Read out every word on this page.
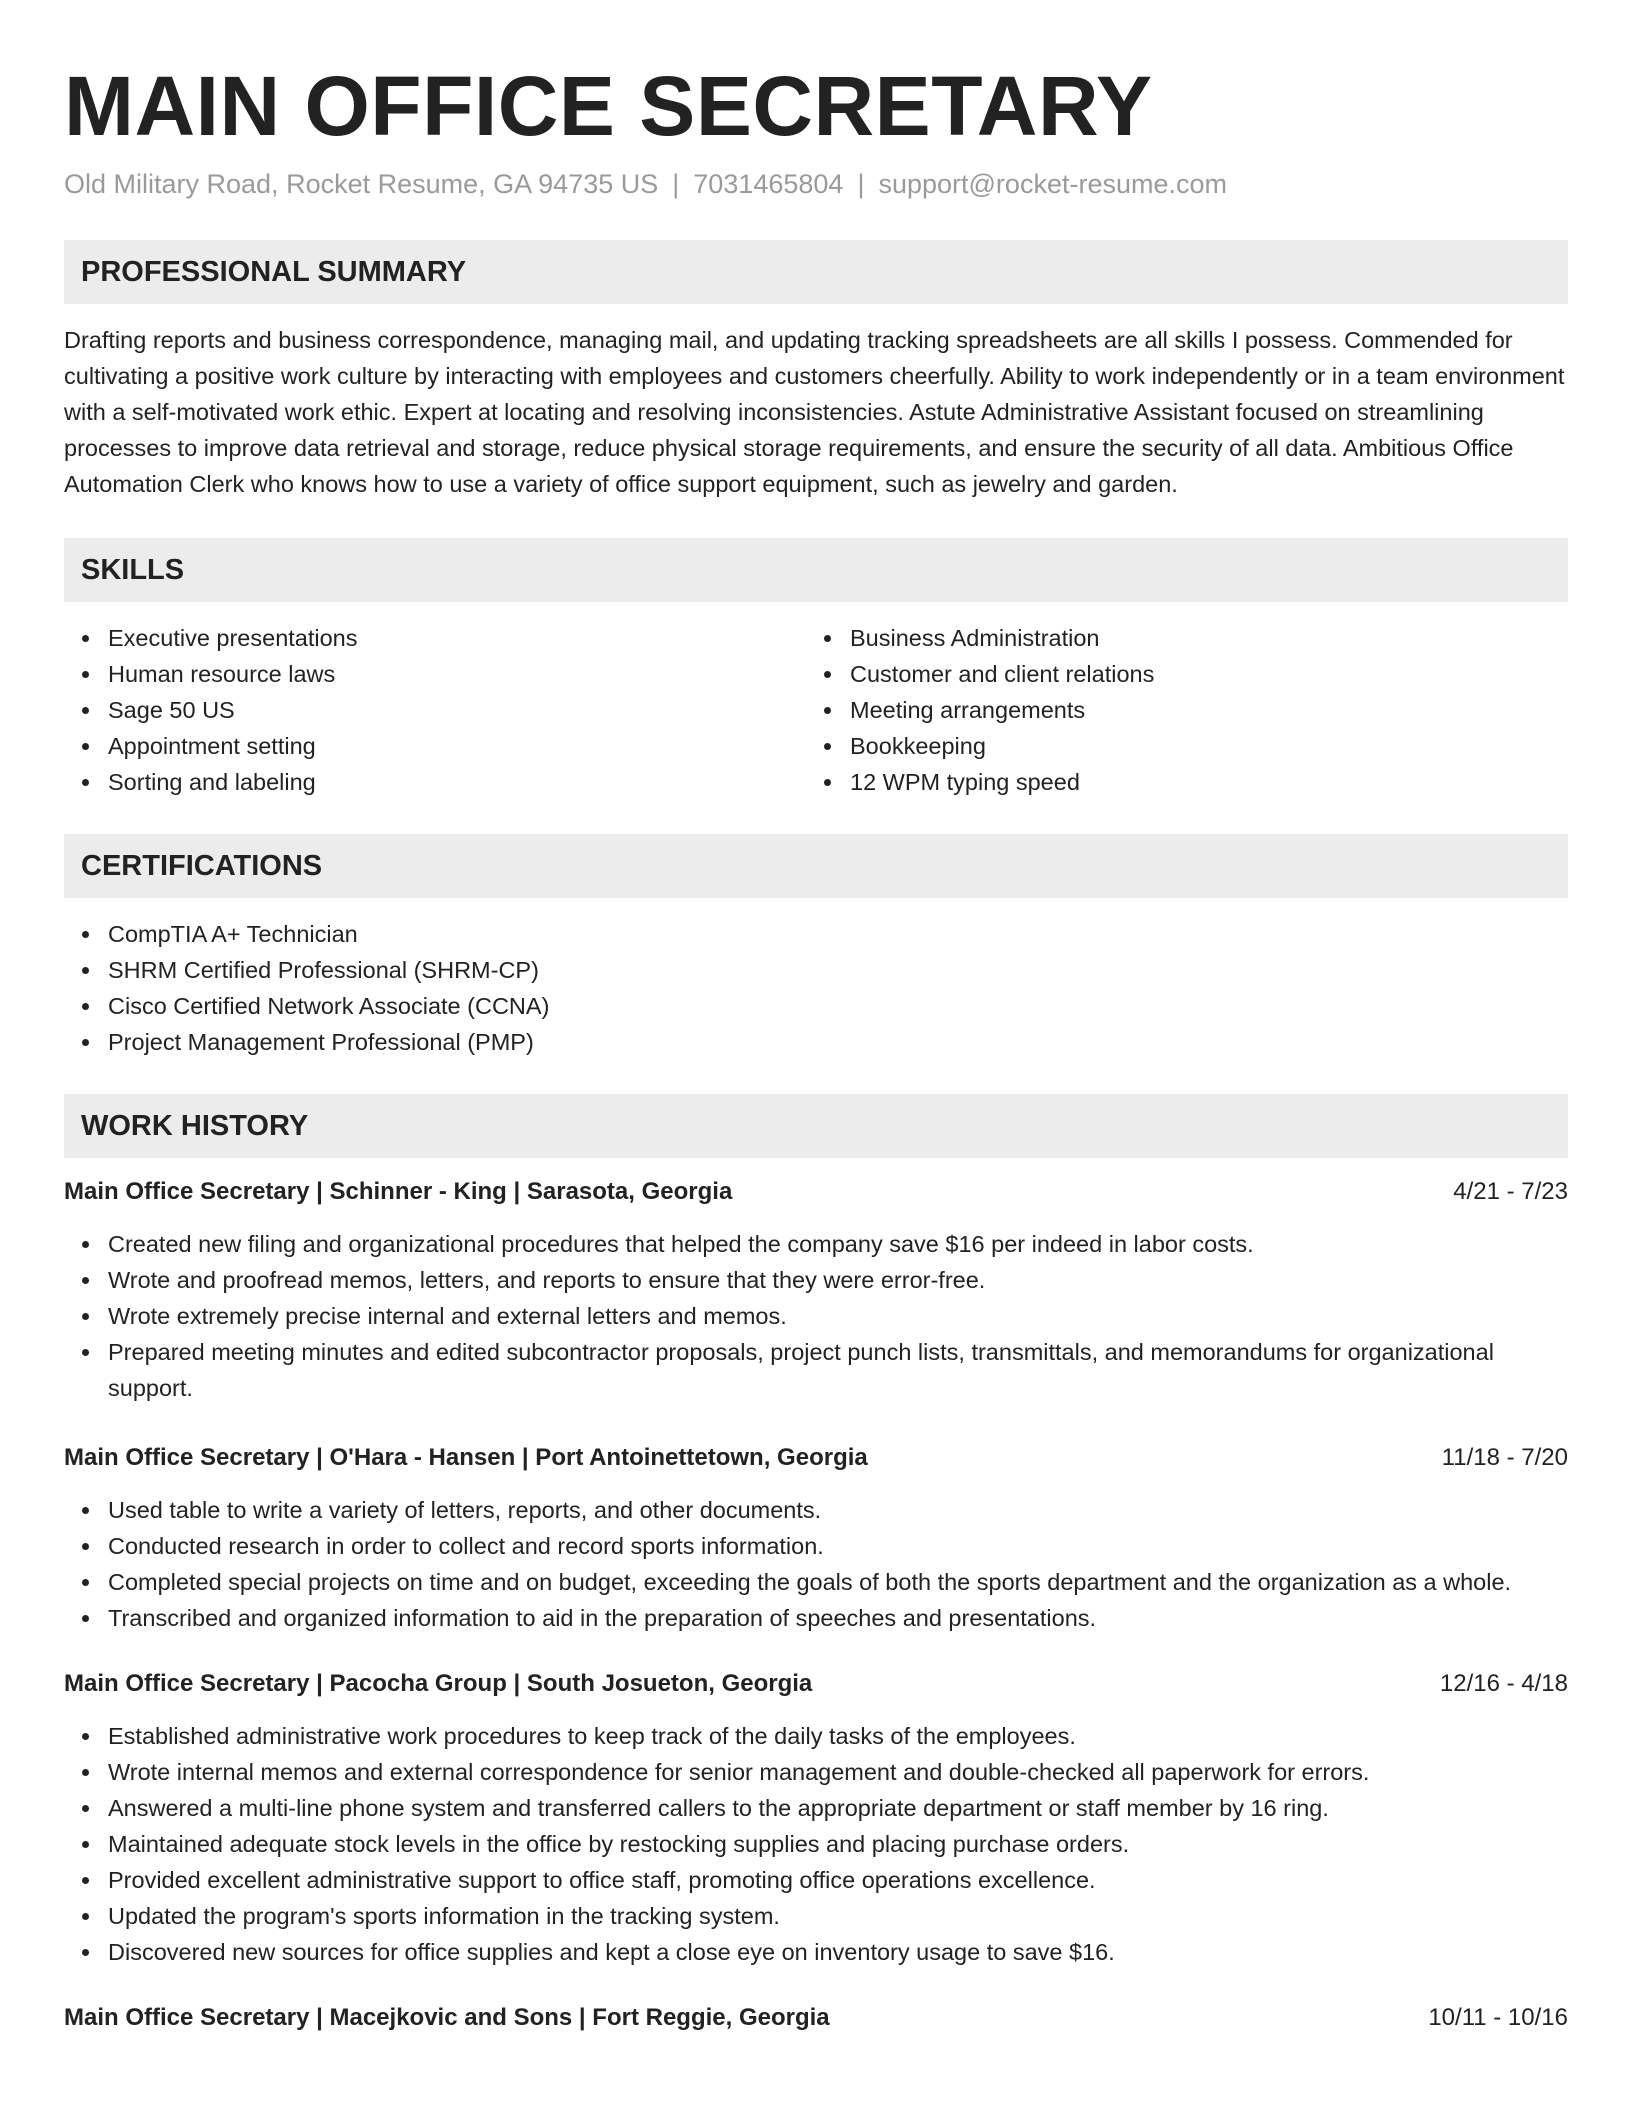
MAIN OFFICE SECRETARY
Old Military Road, Rocket Resume, GA 94735 US | 7031465804 | support@rocket-resume.com
PROFESSIONAL SUMMARY

Drafting reports and business correspondence, managing mail, and updating tracking spreadsheets are all skills I possess. Commended for cultivating a positive work culture by interacting with employees and customers cheerfully. Ability to work independently or in a team environment with a self-motivated work ethic. Expert at locating and resolving inconsistencies. Astute Administrative Assistant focused on streamlining processes to improve data retrieval and storage, reduce physical storage requirements, and ensure the security of all data. Ambitious Office Automation Clerk who knows how to use a variety of office support equipment, such as jewelry and garden.

SKILLS
Executive presentations
Human resource laws
Sage 50 US
Appointment setting
Sorting and labeling
Business Administration
Customer and client relations
Meeting arrangements
Bookkeeping
12 WPM typing speed
CERTIFICATIONS
CompTIA A+ Technician
SHRM Certified Professional (SHRM-CP)
Cisco Certified Network Associate (CCNA)
Project Management Professional (PMP)
WORK HISTORY
Main Office Secretary | Schinner - King | Sarasota, Georgia	4/21 - 7/23
Created new filing and organizational procedures that helped the company save $16 per indeed in labor costs.
Wrote and proofread memos, letters, and reports to ensure that they were error-free.
Wrote extremely precise internal and external letters and memos.
Prepared meeting minutes and edited subcontractor proposals, project punch lists, transmittals, and memorandums for organizational support.
Main Office Secretary | O'Hara - Hansen | Port Antoinettetown, Georgia	11/18 - 7/20
Used table to write a variety of letters, reports, and other documents.
Conducted research in order to collect and record sports information.
Completed special projects on time and on budget, exceeding the goals of both the sports department and the organization as a whole.
Transcribed and organized information to aid in the preparation of speeches and presentations.
Main Office Secretary | Pacocha Group | South Josueton, Georgia	12/16 - 4/18
Established administrative work procedures to keep track of the daily tasks of the employees.
Wrote internal memos and external correspondence for senior management and double-checked all paperwork for errors.
Answered a multi-line phone system and transferred callers to the appropriate department or staff member by 16 ring.
Maintained adequate stock levels in the office by restocking supplies and placing purchase orders.
Provided excellent administrative support to office staff, promoting office operations excellence.
Updated the program's sports information in the tracking system.
Discovered new sources for office supplies and kept a close eye on inventory usage to save $16.
Main Office Secretary | Macejkovic and Sons | Fort Reggie, Georgia	10/11 - 10/16
